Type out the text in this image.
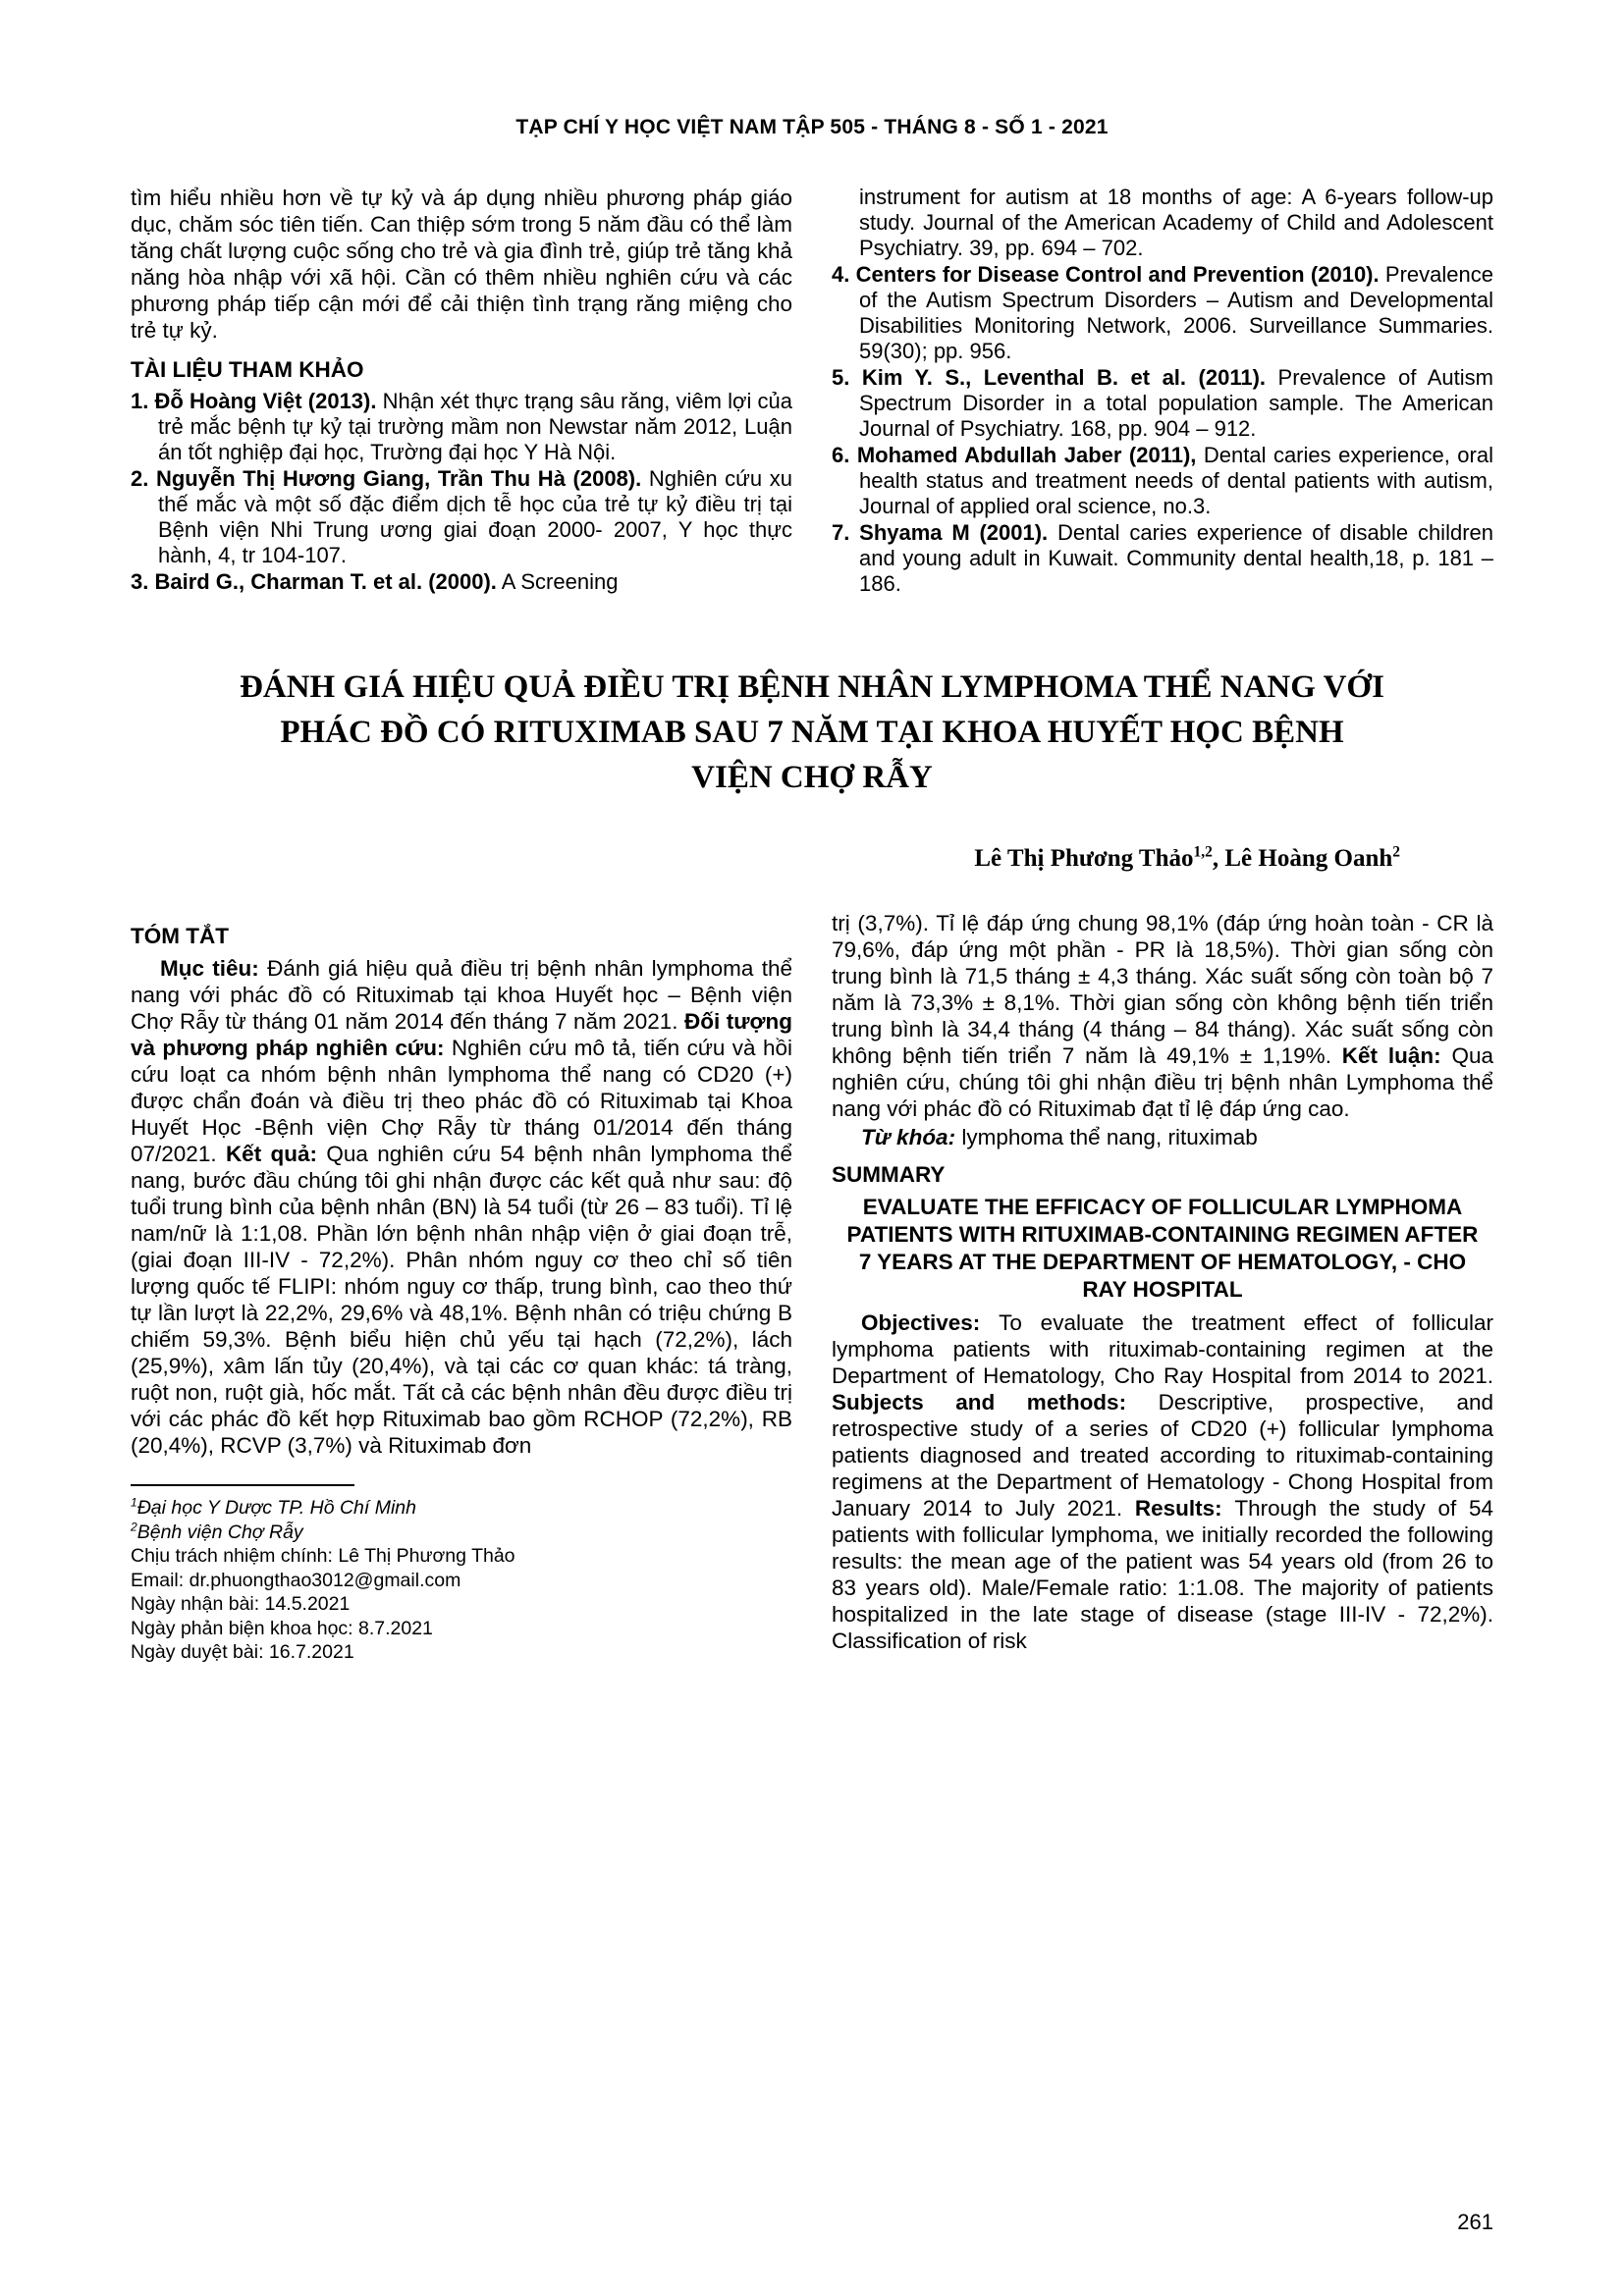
TẠP CHÍ Y HỌC VIỆT NAM TẬP 505 - THÁNG 8 - SỐ 1 - 2021

tìm hiểu nhiều hơn về tự kỷ và áp dụng nhiều phương pháp giáo dục, chăm sóc tiên tiến. Can thiệp sớm trong 5 năm đầu có thể làm tăng chất lượng cuộc sống cho trẻ và gia đình trẻ, giúp trẻ tăng khả năng hòa nhập với xã hội. Cần có thêm nhiều nghiên cứu và các phương pháp tiếp cận mới để cải thiện tình trạng răng miệng cho trẻ tự kỷ.

TÀI LIỆU THAM KHẢO

1. Đỗ Hoàng Việt (2013). Nhận xét thực trạng sâu răng, viêm lợi của trẻ mắc bệnh tự kỷ tại trường mầm non Newstar năm 2012, Luận án tốt nghiệp đại học, Trường đại học Y Hà Nội.

2. Nguyễn Thị Hương Giang, Trần Thu Hà (2008). Nghiên cứu xu thế mắc và một số đặc điểm dịch tễ học của trẻ tự kỷ điều trị tại Bệnh viện Nhi Trung ương giai đoạn 2000- 2007, Y học thực hành, 4, tr 104-107.

3. Baird G., Charman T. et al. (2000). A Screening

instrument for autism at 18 months of age: A 6-years follow-up study. Journal of the American Academy of Child and Adolescent Psychiatry. 39, pp. 694 – 702.

4. Centers for Disease Control and Prevention (2010). Prevalence of the Autism Spectrum Disorders – Autism and Developmental Disabilities Monitoring Network, 2006. Surveillance Summaries. 59(30); pp. 956.

5. Kim Y. S., Leventhal B. et al. (2011). Prevalence of Autism Spectrum Disorder in a total population sample. The American Journal of Psychiatry. 168, pp. 904 – 912.

6. Mohamed Abdullah Jaber (2011), Dental caries experience, oral health status and treatment needs of dental patients with autism, Journal of applied oral science, no.3.

7. Shyama M (2001). Dental caries experience of disable children and young adult in Kuwait. Community dental health,18, p. 181 – 186.

ĐÁNH GIÁ HIỆU QUẢ ĐIỀU TRỊ BỆNH NHÂN LYMPHOMA THỂ NANG VỚI PHÁC ĐỒ CÓ RITUXIMAB SAU 7 NĂM TẠI KHOA HUYẾT HỌC BỆNH VIỆN CHỢ RẪY
Lê Thị Phương Thảo$^{1,2}$, Lê Hoàng Oanh$^2$
TÓM TẮT

Mục tiêu: Đánh giá hiệu quả điều trị bệnh nhân lymphoma thể nang với phác đồ có Rituximab tại khoa Huyết học – Bệnh viện Chợ Rẫy từ tháng 01 năm 2014 đến tháng 7 năm 2021. Đối tượng và phương pháp nghiên cứu: Nghiên cứu mô tả, tiến cứu và hồi cứu loạt ca nhóm bệnh nhân lymphoma thể nang có CD20 (+) được chẩn đoán và điều trị theo phác đồ có Rituximab tại Khoa Huyết Học -Bệnh viện Chợ Rẫy từ tháng 01/2014 đến tháng 07/2021. Kết quả: Qua nghiên cứu 54 bệnh nhân lymphoma thể nang, bước đầu chúng tôi ghi nhận được các kết quả như sau: độ tuổi trung bình của bệnh nhân (BN) là 54 tuổi (từ 26 – 83 tuổi). Tỉ lệ nam/nữ là 1:1,08. Phần lớn bệnh nhân nhập viện ở giai đoạn trễ, (giai đoạn III-IV - 72,2%). Phân nhóm nguy cơ theo chỉ số tiên lượng quốc tế FLIPI: nhóm nguy cơ thấp, trung bình, cao theo thứ tự lần lượt là 22,2%, 29,6% và 48,1%. Bệnh nhân có triệu chứng B chiếm 59,3%. Bệnh biểu hiện chủ yếu tại hạch (72,2%), lách (25,9%), xâm lấn tủy (20,4%), và tại các cơ quan khác: tá tràng, ruột non, ruột già, hốc mắt. Tất cả các bệnh nhân đều được điều trị với các phác đồ kết hợp Rituximab bao gồm RCHOP (72,2%), RB (20,4%), RCVP (3,7%) và Rituximab đơn

$^1$Đại học Y Dược TP. Hồ Chí Minh

$^2$Bệnh viện Chợ Rẫy

Chịu trách nhiệm chính: Lê Thị Phương Thảo

Email: dr.phuongthao3012@gmail.com

Ngày nhận bài: 14.5.2021

Ngày phản biện khoa học: 8.7.2021

Ngày duyệt bài: 16.7.2021

trị (3,7%). Tỉ lệ đáp ứng chung 98,1% (đáp ứng hoàn toàn - CR là 79,6%, đáp ứng một phần - PR là 18,5%). Thời gian sống còn trung bình là 71,5 tháng ± 4,3 tháng. Xác suất sống còn toàn bộ 7 năm là 73,3% ± 8,1%. Thời gian sống còn không bệnh tiến triển trung bình là 34,4 tháng (4 tháng – 84 tháng). Xác suất sống còn không bệnh tiến triển 7 năm là 49,1% ± 1,19%. Kết luận: Qua nghiên cứu, chúng tôi ghi nhận điều trị bệnh nhân Lymphoma thể nang với phác đồ có Rituximab đạt tỉ lệ đáp ứng cao.

Từ khóa: lymphoma thể nang, rituximab

SUMMARY
EVALUATE THE EFFICACY OF FOLLICULAR LYMPHOMA PATIENTS WITH RITUXIMAB-CONTAINING REGIMEN AFTER 7 YEARS AT THE DEPARTMENT OF HEMATOLOGY, - CHO RAY HOSPITAL

Objectives: To evaluate the treatment effect of follicular lymphoma patients with rituximab-containing regimen at the Department of Hematology, Cho Ray Hospital from 2014 to 2021. Subjects and methods: Descriptive, prospective, and retrospective study of a series of CD20 (+) follicular lymphoma patients diagnosed and treated according to rituximab-containing regimens at the Department of Hematology - Chong Hospital from January 2014 to July 2021. Results: Through the study of 54 patients with follicular lymphoma, we initially recorded the following results: the mean age of the patient was 54 years old (from 26 to 83 years old). Male/Female ratio: 1:1.08. The majority of patients hospitalized in the late stage of disease (stage III-IV - 72,2%). Classification of risk

261
